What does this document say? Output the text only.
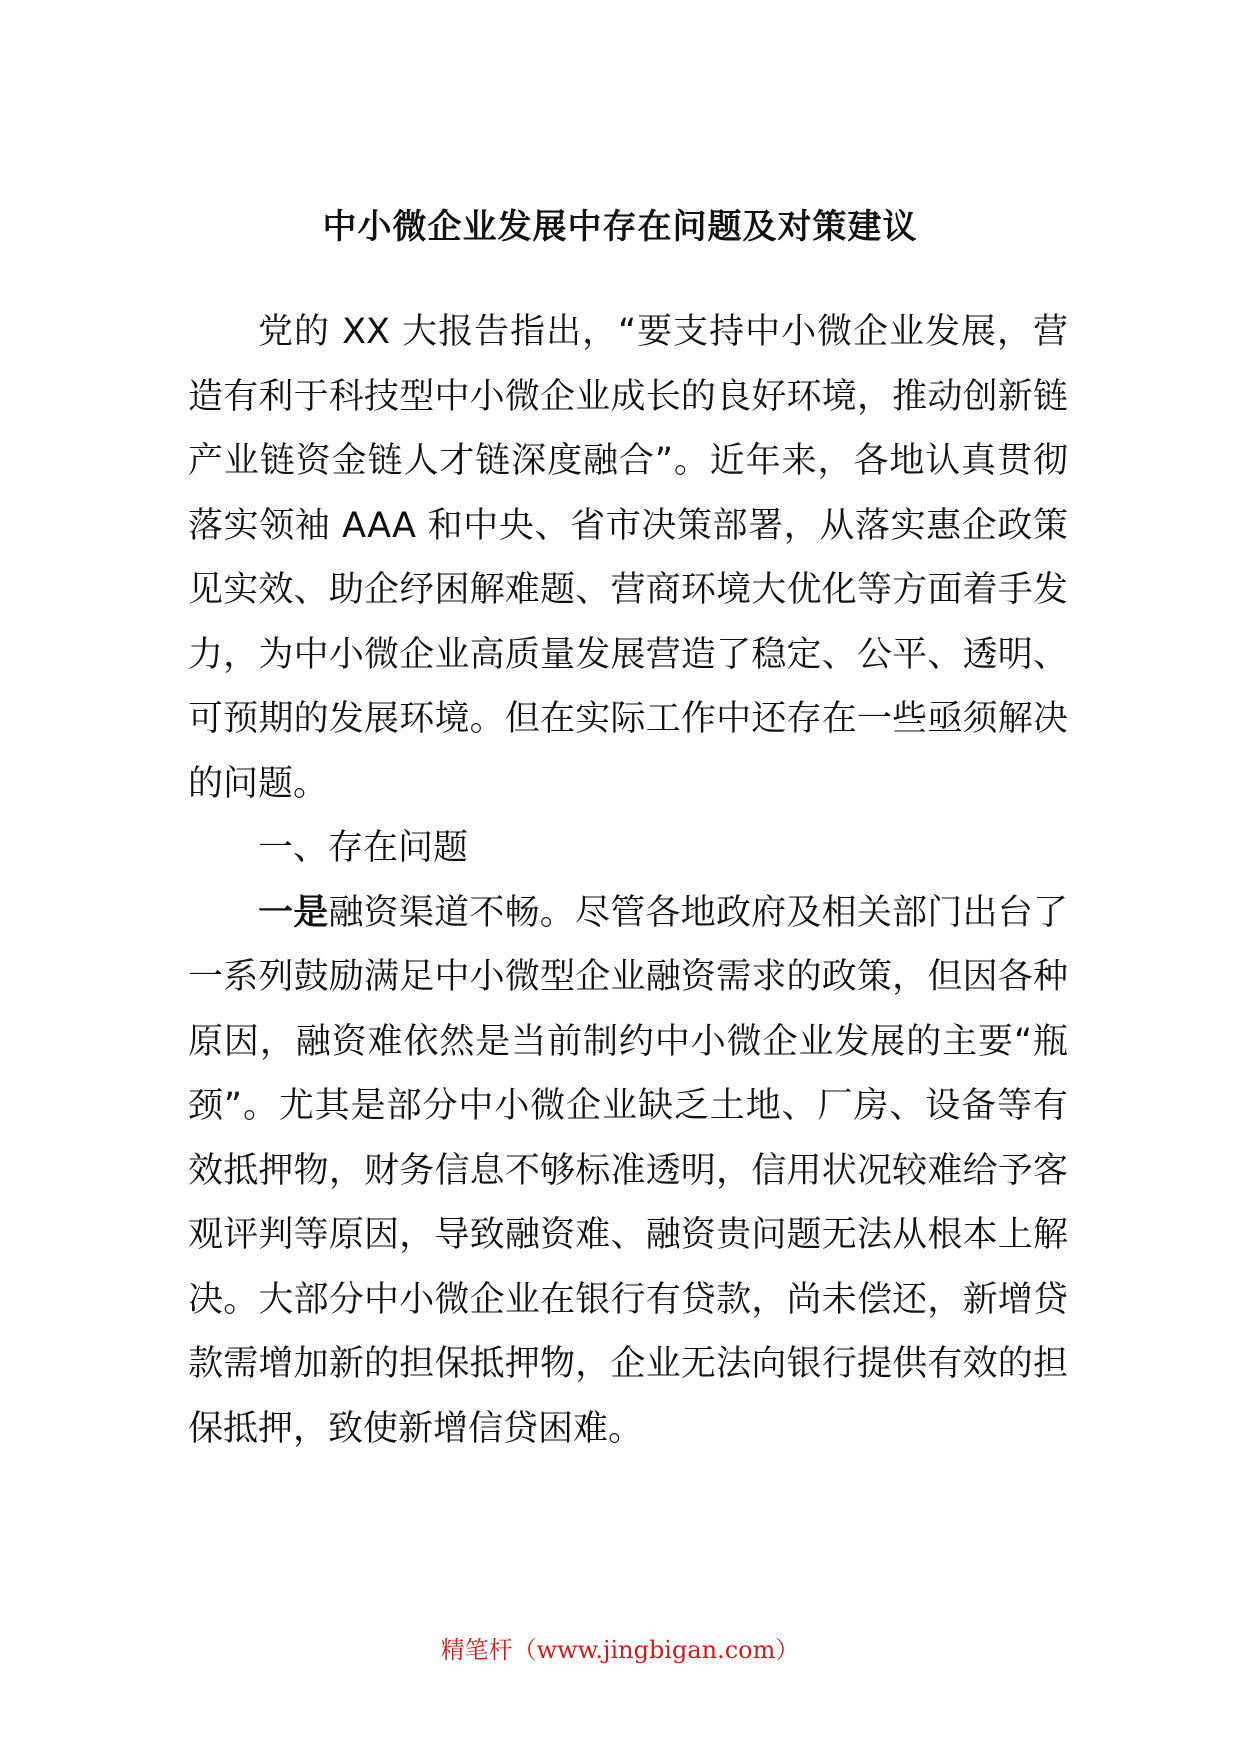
中小微企业发展中存在问题及对策建议

党的 XX 大报告指出，“要支持中小微企业发展，营造有利于科技型中小微企业成长的良好环境，推动创新链产业链资金链人才链深度融合”。近年来，各地认真贯彻落实领袖 AAA 和中央、省市决策部署，从落实惠企政策见实效、助企纾困解难题、营商环境大优化等方面着手发力，为中小微企业高质量发展营造了稳定、公平、透明、可预期的发展环境。但在实际工作中还存在一些亟须解决的问题。

一、存在问题

一是融资渠道不畅。尽管各地政府及相关部门出台了一系列鼓励满足中小微型企业融资需求的政策，但因各种原因，融资难依然是当前制约中小微企业发展的主要“瓶颈”。尤其是部分中小微企业缺乏土地、厂房、设备等有效抵押物，财务信息不够标准透明，信用状况较难给予客观评判等原因，导致融资难、融资贵问题无法从根本上解决。大部分中小微企业在银行有贷款，尚未偿还，新增贷款需增加新的担保抵押物，企业无法向银行提供有效的担保抵押，致使新增信贷困难。

精笔杆（www.jingbigan.com）
